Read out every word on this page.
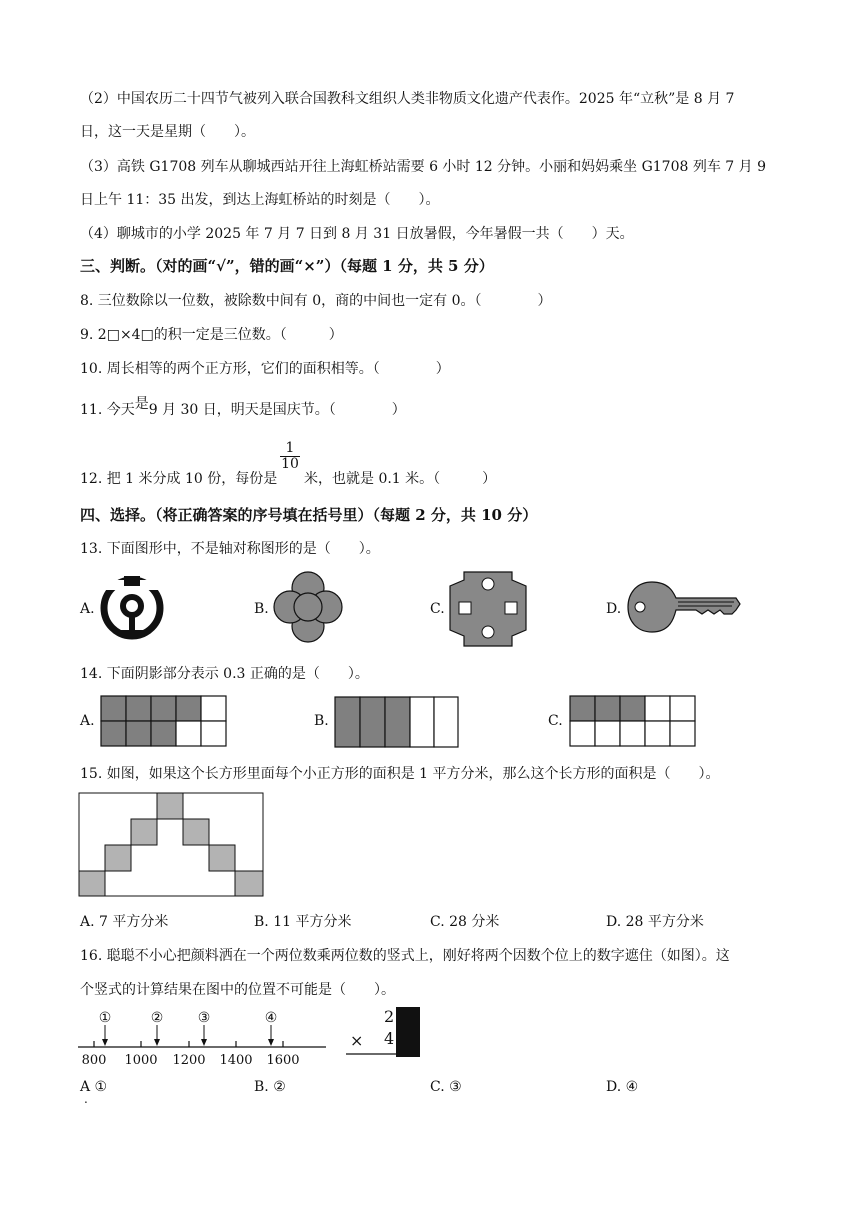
（2）中国农历二十四节气被列入联合国教科文组织人类非物质文化遗产代表作。2025 年“立秋”是 8 月 7
日，这一天是星期（　　）。
（3）高铁 G1708 列车从聊城西站开往上海虹桥站需要 6 小时 12 分钟。小丽和妈妈乘坐 G1708 列车 7 月 9
日上午 11：35 出发，到达上海虹桥站的时刻是（　　）。
（4）聊城市的小学 2025 年 7 月 7 日到 8 月 31 日放暑假，今年暑假一共（　　）天。
三、判断。（对的画“√”，错的画“×”）（每题 1 分，共 5 分）
8. 三位数除以一位数，被除数中间有 0，商的中间也一定有 0。（　　　　）
9. 2□×4□的积一定是三位数。（　　　）
10. 周长相等的两个正方形，它们的面积相等。（　　　　）
11. 今天是9 月 30 日，明天是国庆节。（　　　　）
12. 把 1 米分成 10 份，每份是
$\frac{1}{10}$
米，也就是 0.1 米。（　　　）
四、选择。（将正确答案的序号填在括号里）（每题 2 分，共 10 分）
13. 下面图形中，不是轴对称图形的是（　　）。
A.	B.	C.	D.
14. 下面阴影部分表示 0.3 正确的是（　　）。
A.	B.	C.
15. 如图，如果这个长方形里面每个小正方形的面积是 1 平方分米，那么这个长方形的面积是（　　）。
A. 7 平方分米	B. 11 平方分米	C. 28 分米	D. 28 平方分米
16. 聪聪不小心把颜料洒在一个两位数乘两位数的竖式上，刚好将两个因数个位上的数字遮住（如图）。这
个竖式的计算结果在图中的位置不可能是（　　）。
800 1000 1200 1400 1600
①	② ③	④	2
4
×
A ①
.
B. ②	C. ③	D. ④
